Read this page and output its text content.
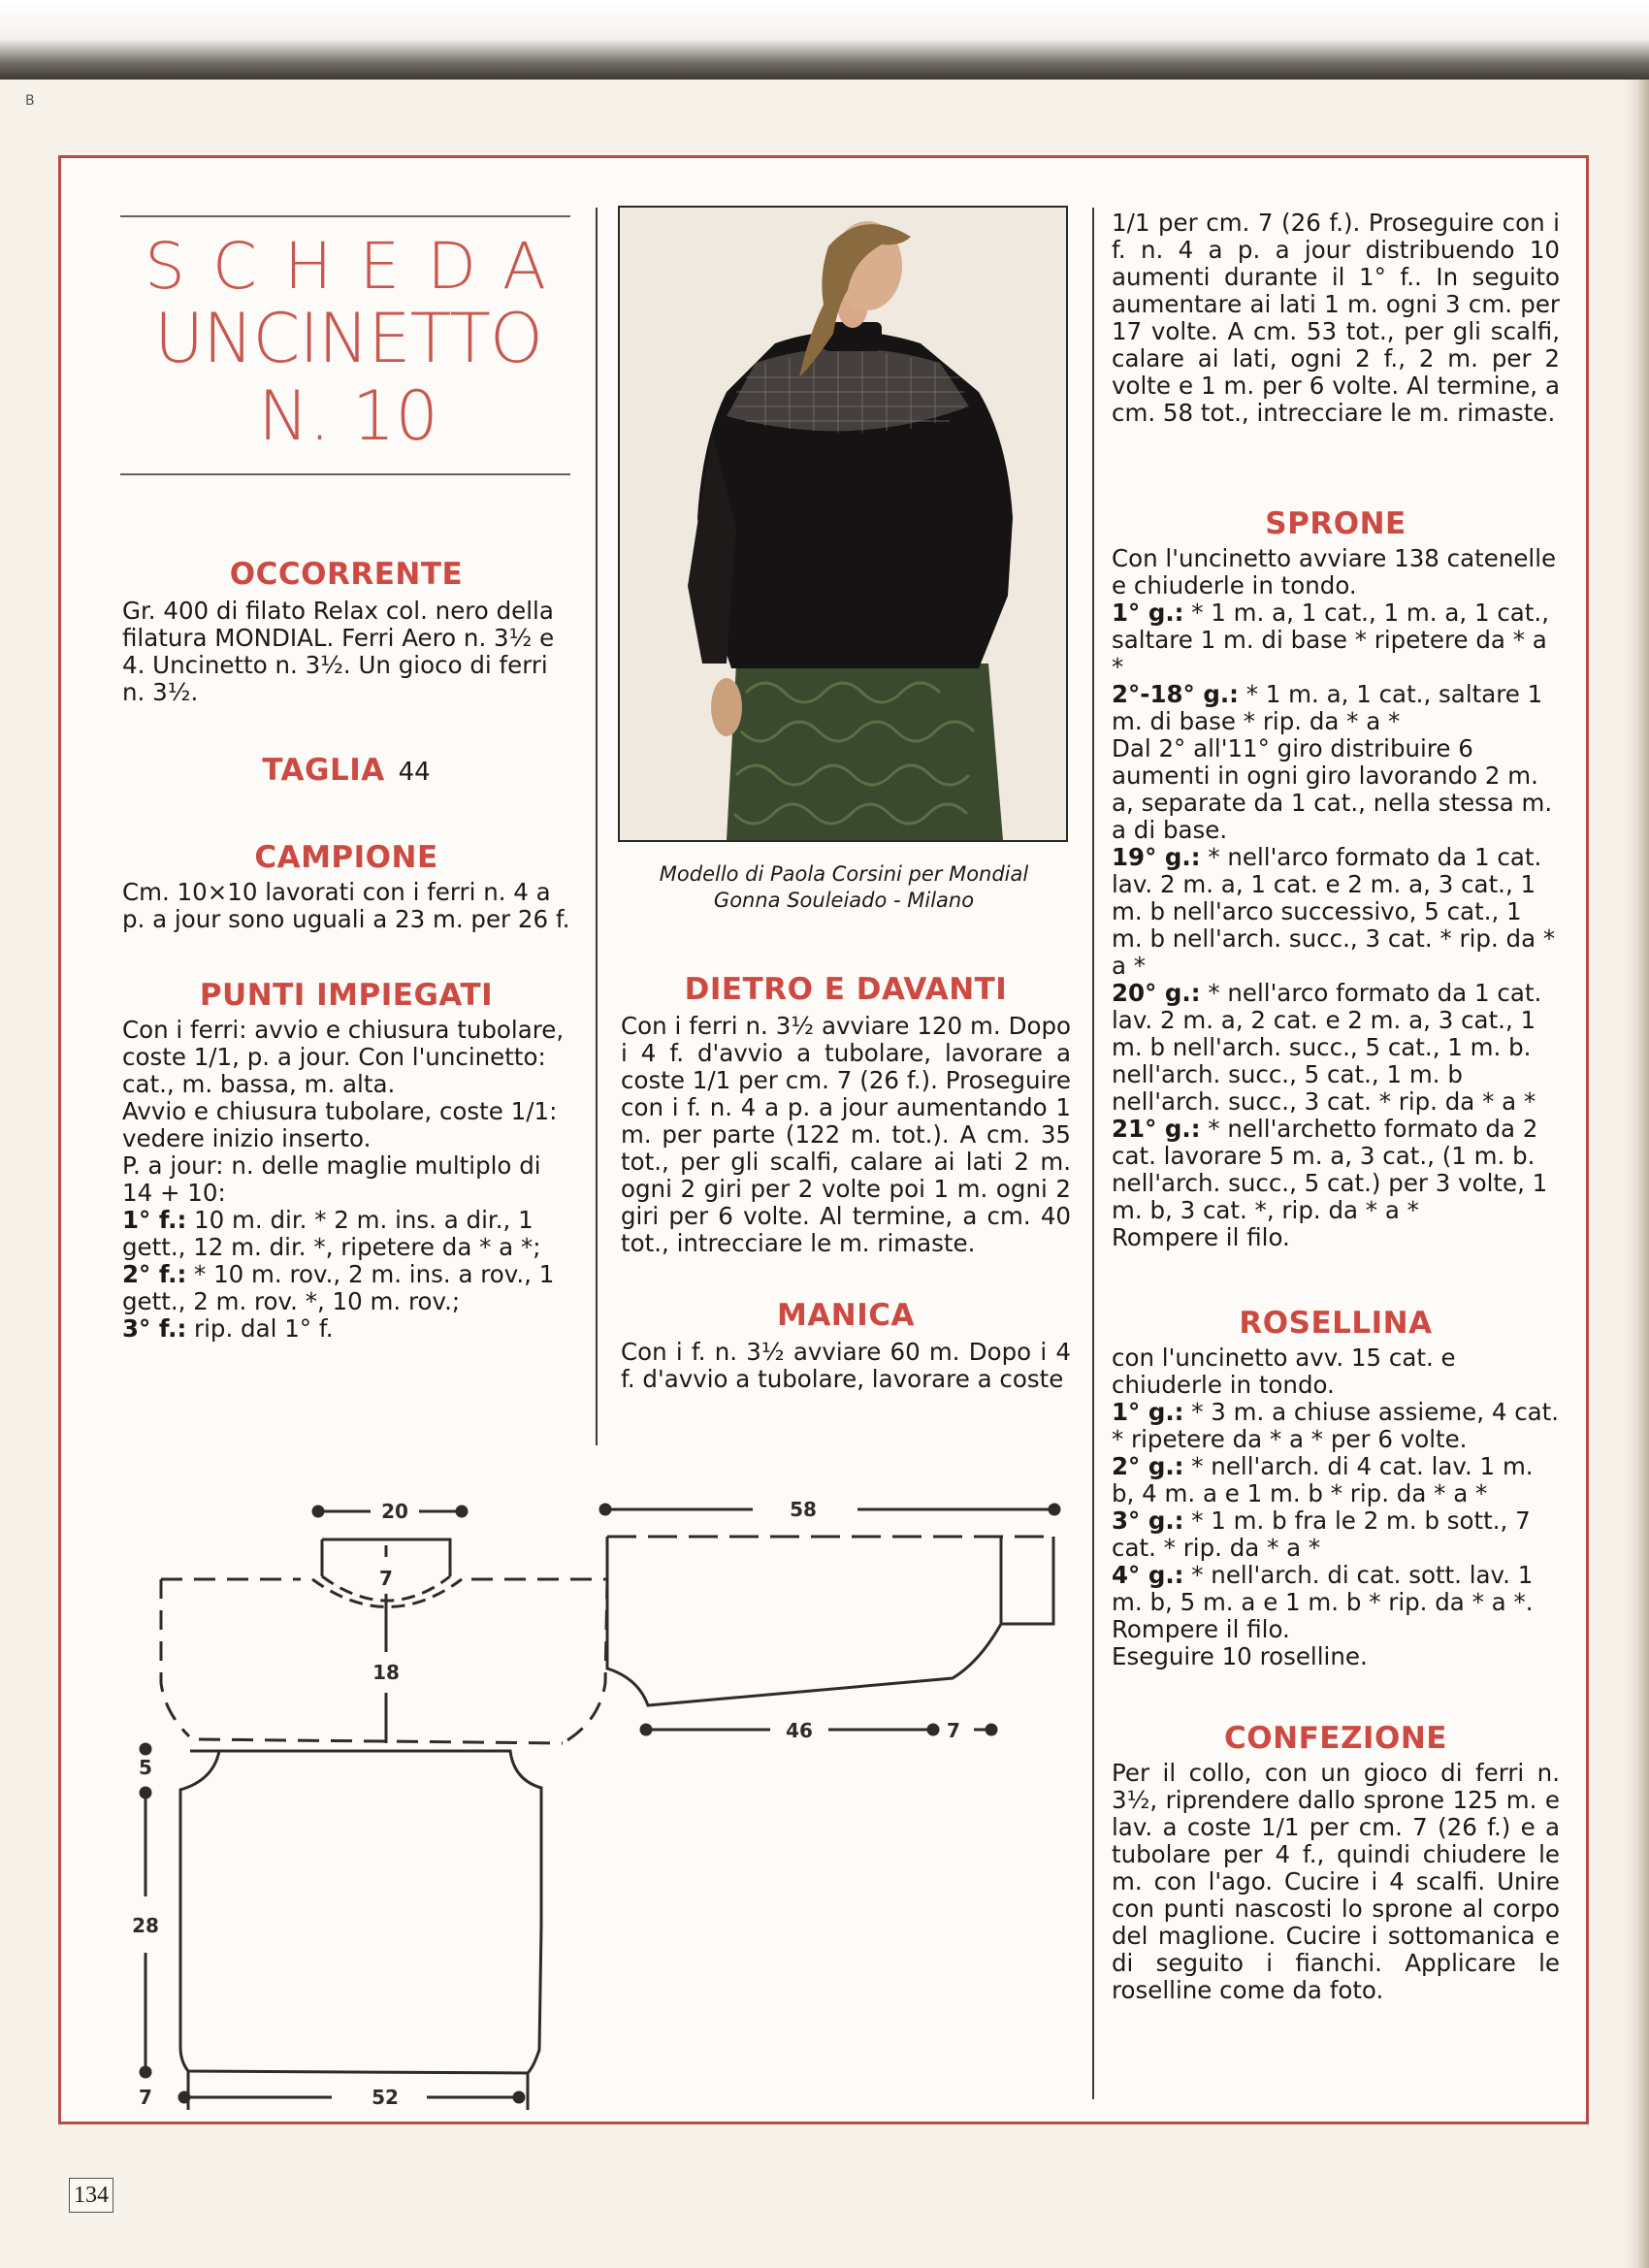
B
SCHEDA
UNCINETTO
N. 10
OCCORRENTE

Gr. 400 di filato Relax col. nero della filatura MONDIAL. Ferri Aero n. 3½ e 4. Uncinetto n. 3½. Un gioco di ferri n. 3½.

TAGLIA 44
CAMPIONE

Cm. 10×10 lavorati con i ferri n. 4 a p. a jour sono uguali a 23 m. per 26 f.

PUNTI IMPIEGATI

Con i ferri: avvio e chiusura tubolare, coste 1/1, p. a jour. Con l'uncinetto: cat., m. bassa, m. alta.

Avvio e chiusura tubolare, coste 1/1: vedere inizio inserto.

P. a jour: n. delle maglie multiplo di 14 + 10:

1° f.: 10 m. dir. * 2 m. ins. a dir., 1 gett., 12 m. dir. *, ripetere da * a *;

2° f.: * 10 m. rov., 2 m. ins. a rov., 1 gett., 2 m. rov. *, 10 m. rov.;

3° f.: rip. dal 1° f.

Modello di Paola Corsini per Mondial
Gonna Souleiado - Milano
DIETRO E DAVANTI

Con i ferri n. 3½ avviare 120 m. Dopo i 4 f. d'avvio a tubolare, lavorare a coste 1/1 per cm. 7 (26 f.). Proseguire con i f. n. 4 a p. a jour aumentando 1 m. per parte (122 m. tot.). A cm. 35 tot., per gli scalfi, calare ai lati 2 m. ogni 2 giri per 2 volte poi 1 m. ogni 2 giri per 6 volte. Al termine, a cm. 40 tot., intrecciare le m. rimaste.

MANICA

Con i f. n. 3½ avviare 60 m. Dopo i 4 f. d'avvio a tubolare, lavorare a coste

1/1 per cm. 7 (26 f.). Proseguire con i f. n. 4 a p. a jour distribuendo 10 aumenti durante il 1° f.. In seguito aumentare ai lati 1 m. ogni 3 cm. per 17 volte. A cm. 53 tot., per gli scalfi, calare ai lati, ogni 2 f., 2 m. per 2 volte e 1 m. per 6 volte. Al termine, a cm. 58 tot., intrecciare le m. rimaste.

SPRONE

Con l'uncinetto avviare 138 catenelle e chiuderle in tondo.

1° g.: * 1 m. a, 1 cat., 1 m. a, 1 cat., saltare 1 m. di base * ripetere da * a *

2°-18° g.: * 1 m. a, 1 cat., saltare 1 m. di base * rip. da * a *

Dal 2° all'11° giro distribuire 6 aumenti in ogni giro lavorando 2 m. a, separate da 1 cat., nella stessa m. a di base.

19° g.: * nell'arco formato da 1 cat. lav. 2 m. a, 1 cat. e 2 m. a, 3 cat., 1 m. b nell'arco successivo, 5 cat., 1 m. b nell'arch. succ., 3 cat. * rip. da * a *

20° g.: * nell'arco formato da 1 cat. lav. 2 m. a, 2 cat. e 2 m. a, 3 cat., 1 m. b nell'arch. succ., 5 cat., 1 m. b. nell'arch. succ., 5 cat., 1 m. b nell'arch. succ., 3 cat. * rip. da * a *

21° g.: * nell'archetto formato da 2 cat. lavorare 5 m. a, 3 cat., (1 m. b. nell'arch. succ., 5 cat.) per 3 volte, 1 m. b, 3 cat. *, rip. da * a *

Rompere il filo.

ROSELLINA

con l'uncinetto avv. 15 cat. e chiuderle in tondo.

1° g.: * 3 m. a chiuse assieme, 4 cat. * ripetere da * a * per 6 volte.

2° g.: * nell'arch. di 4 cat. lav. 1 m. b, 4 m. a e 1 m. b * rip. da * a *

3° g.: * 1 m. b fra le 2 m. b sott., 7 cat. * rip. da * a *

4° g.: * nell'arch. di cat. sott. lav. 1 m. b, 5 m. a e 1 m. b * rip. da * a *.

Rompere il filo.

Eseguire 10 roselline.

CONFEZIONE

Per il collo, con un gioco di ferri n. 3½, riprendere dallo sprone 125 m. e lav. a coste 1/1 per cm. 7 (26 f.) e a tubolare per 4 f., quindi chiudere le m. con l'ago. Cucire i 4 scalfi. Unire con punti nascosti lo sprone al corpo del maglione. Cucire i sottomanica e di seguito i fianchi. Applicare le roselline come da foto.

20
7
18
5
28
7	52
58
46	7
134
